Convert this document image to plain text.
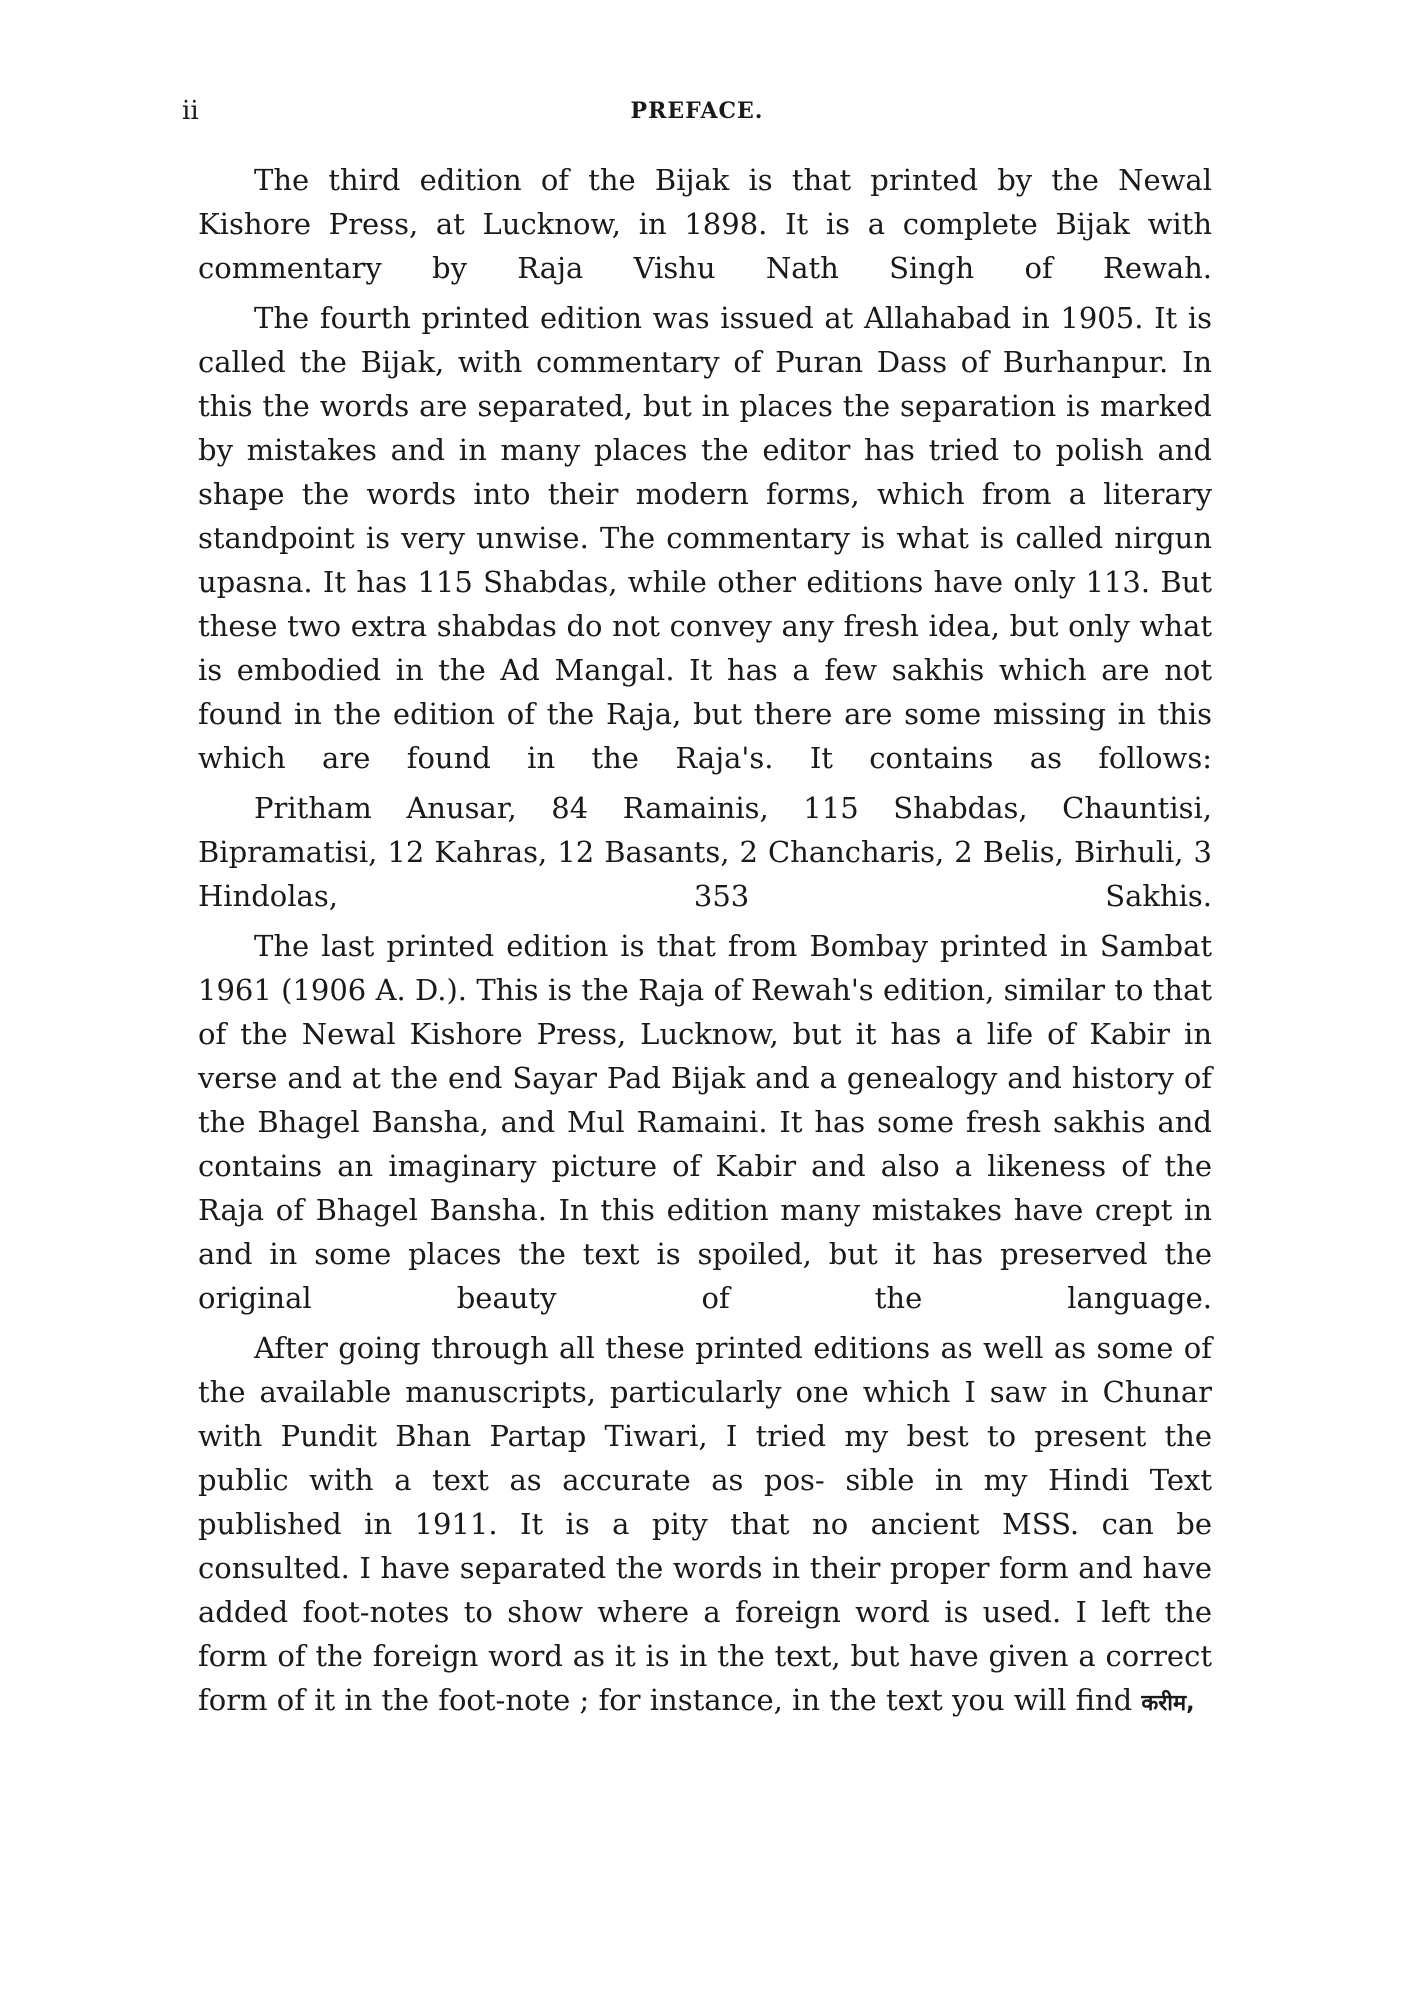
ii	PREFACE.
The third edition of the Bijak is that printed by the Newal Kishore Press, at Lucknow, in 1898. It is a complete Bijak with commentary by Raja Vishu Nath Singh of Rewah.
The fourth printed edition was issued at Allahabad in 1905. It is called the Bijak, with commentary of Puran Dass of Burhanpur. In this the words are separated, but in places the separation is marked by mistakes and in many places the editor has tried to polish and shape the words into their modern forms, which from a literary standpoint is very unwise. The commentary is what is called nirgun upasna. It has 115 Shabdas, while other editions have only 113. But these two extra shabdas do not convey any fresh idea, but only what is embodied in the Ad Mangal. It has a few sakhis which are not found in the edition of the Raja, but there are some missing in this which are found in the Raja's. It contains as follows:
Pritham Anusar, 84 Ramainis, 115 Shabdas, Chauntisi, Bipramatisi, 12 Kahras, 12 Basants, 2 Chancharis, 2 Belis, Birhuli, 3 Hindolas, 353 Sakhis.
The last printed edition is that from Bombay printed in Sambat 1961 (1906 A. D.). This is the Raja of Rewah's edition, similar to that of the Newal Kishore Press, Lucknow, but it has a life of Kabir in verse and at the end Sayar Pad Bijak and a genealogy and history of the Bhagel Bansha, and Mul Ramaini. It has some fresh sakhis and contains an imaginary picture of Kabir and also a likeness of the Raja of Bhagel Bansha. In this edition many mistakes have crept in and in some places the text is spoiled, but it has preserved the original beauty of the language.
After going through all these printed editions as well as some of the available manuscripts, particularly one which I saw in Chunar with Pundit Bhan Partap Tiwari, I tried my best to present the public with a text as accurate as pos- sible in my Hindi Text published in 1911. It is a pity that no ancient MSS. can be consulted. I have separated the words in their proper form and have added foot-notes to show where a foreign word is used. I left the form of the foreign word as it is in the text, but have given a correct form of it in the foot-note ; for instance, in the text you will find करीम,
